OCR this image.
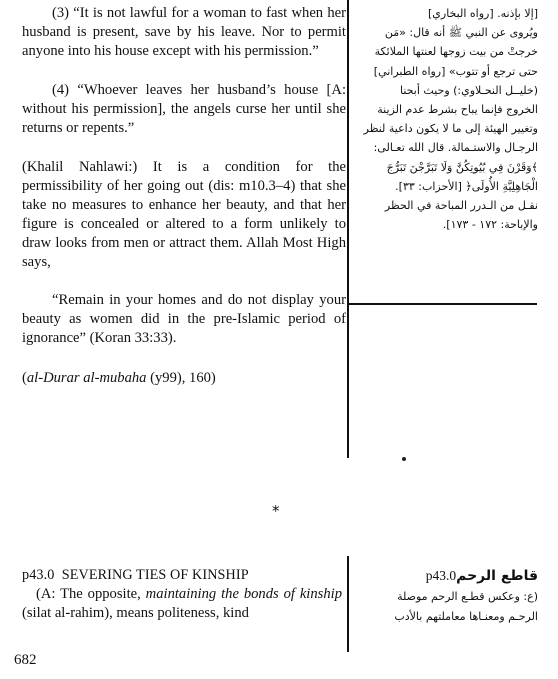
(3) “It is not lawful for a woman to fast when her husband is present, save by his leave. Nor to permit anyone into his house except with his permission.”

(4) “Whoever leaves her husband’s house [A: without his permission], the angels curse her until she returns or repents.”

(Khalil Nahlawi:) It is a condition for the permissibility of her going out (dis: m10.3–4) that she take no measures to enhance her beauty, and that her figure is concealed or altered to a form unlikely to draw looks from men or attract them. Allah Most High says,

“Remain in your homes and do not display your beauty as women did in the pre-Islamic period of ignorance” (Koran 33:33).

(al-Durar al-mubaha (y99), 160)

[إلا بإذنه. [رواه البخاري]
ويُروى عن النبي ﷺ أنه قال: «مَن
خرجتْ من بيت زوجها لعنتها الملائكة
حتى ترجع أو تتوب» [رواه الطبراني]
(خليــل النحـلاوي:) وحيث أبحنا
الخروج فإنما يباح بشرط عدم الزينة
وتغيير الهيئة إلى ما لا يكون داعية لنظر
الرجـال والاستـمالة. قال الله تعـالى:
﴾وَقَرْنَ فِي بُيُوتِكُنَّ وَلَا تَبَرَّجْنَ تَبَرُّجَ
الْجَاهِلِيَّةِ الأُولَى﴿ [الأحزاب: ٣٣].
نقـل من الـدرر المباحة في الحظر
والإباحة: ١٧٢ - ١٧٣].
*
p43.0 SEVERING TIES OF KINSHIP

(A: The opposite, maintaining the bonds of kinship (silat al-rahim), means politeness, kind

قاطع الرحمp43.0
(ع: وعكس قطـع الرحم موصلة
الرحـم ومعنـاها معاملتهم بالأدب
682
